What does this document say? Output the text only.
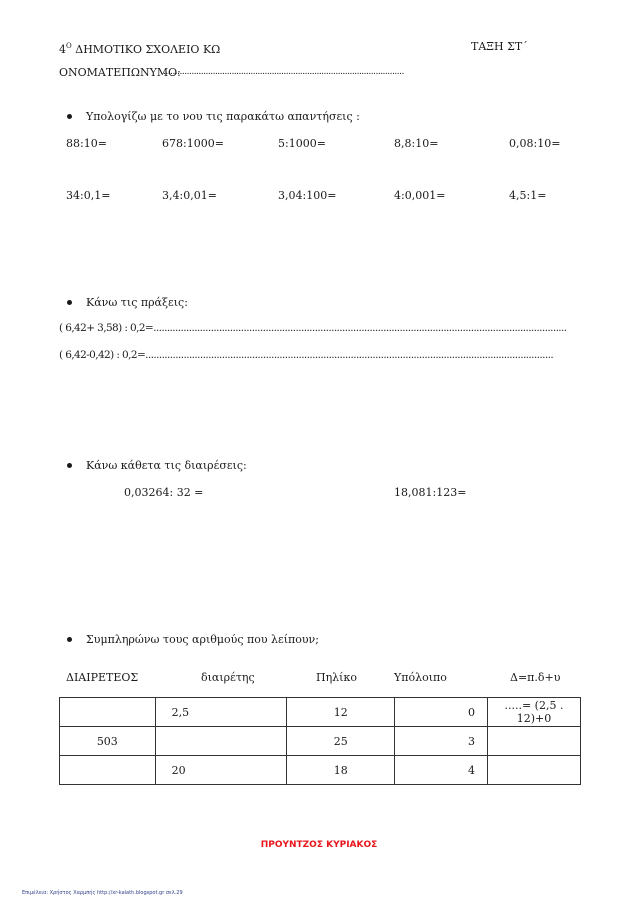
$4^O$ ΔΗΜΟΤΙΚΟ ΣΧΟΛΕΙΟ ΚΩ	ΤΑΞΗ ΣΤ΄
ΟΝΟΜΑΤΕΠΩΝΥΜΟ:
......................................................................................................
Υπολογίζω με το νου τις παρακάτω απαντήσεις :
88:10=	678:1000=	5:1000=	8,8:10=	0,08:10=
34:0,1=	3,4:0,01=	3,04:100=	4:0,001=	4,5:1=
Κάνω τις πράξεις:
( 6,42+ 3,58) : 0,2=.......................................................................................................................................................
( 6,42-0,42) : 0,2=.....................................................................................................................................................
Κάνω κάθετα τις διαιρέσεις:
0,03264: 32 =	18,081:123=
Συμπληρώνω τους αριθμούς που λείπουν;
ΔΙΑΙΡΕΤΕΟΣ	διαιρέτης	Πηλίκο	Υπόλοιπο	Δ=π.δ+υ
	2,5	12	0	.....= (2,5 . 12)+0
503		25	3	
	20	18	4	
ΠΡΟΥΝΤΖΟΣ ΚΥΡΙΑΚΟΣ
Επιμέλεια: Χρήστος Χαρμπής http://xr-kalath.blogspot.gr σελ.29
